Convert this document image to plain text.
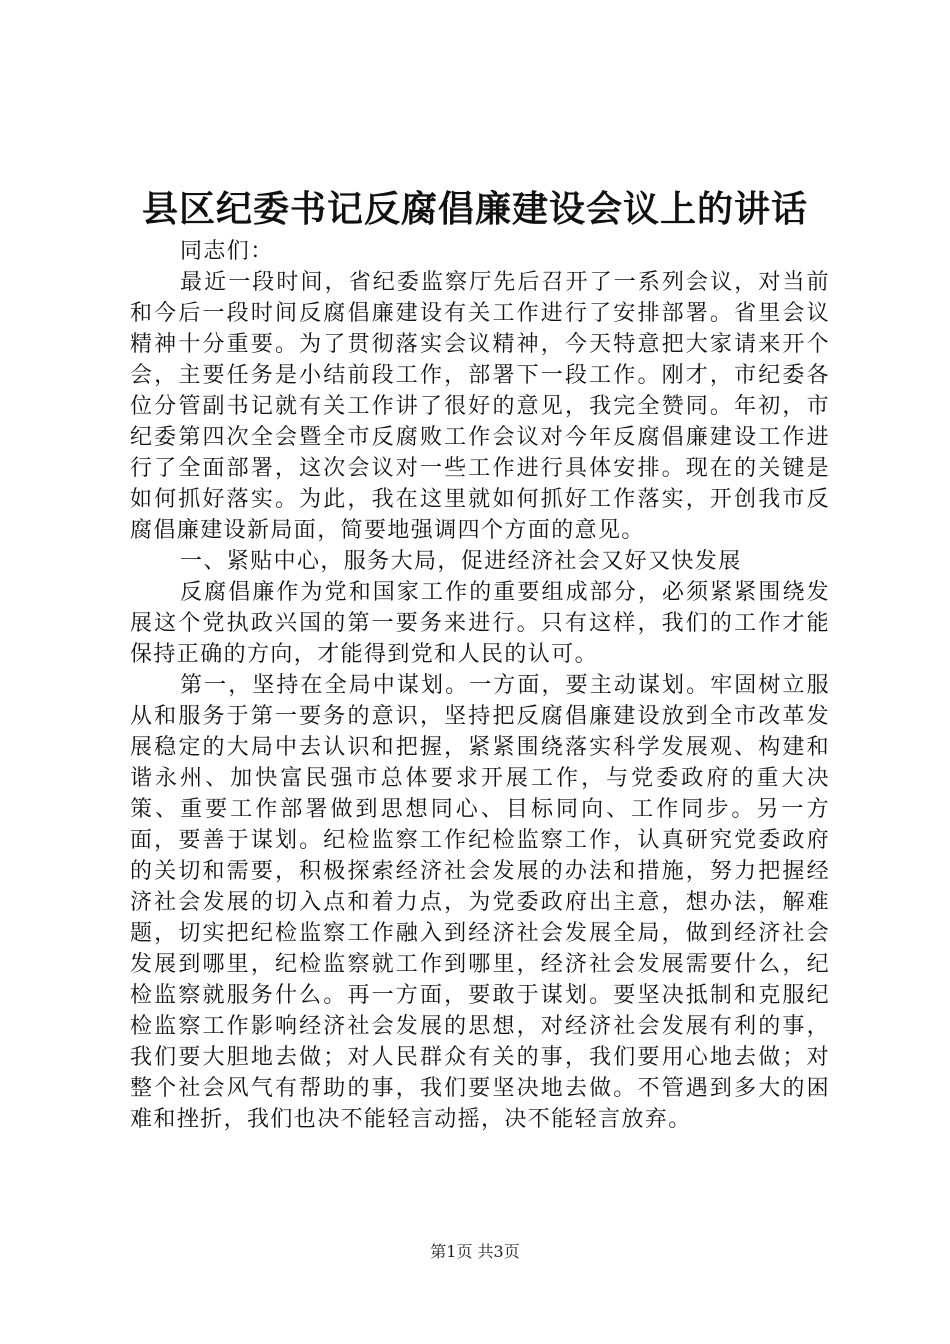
县区纪委书记反腐倡廉建设会议上的讲话

同志们：

最近一段时间，省纪委监察厅先后召开了一系列会议，对当前和今后一段时间反腐倡廉建设有关工作进行了安排部署。省里会议精神十分重要。为了贯彻落实会议精神，今天特意把大家请来开个会，主要任务是小结前段工作，部署下一段工作。刚才，市纪委各位分管副书记就有关工作讲了很好的意见，我完全赞同。年初，市纪委第四次全会暨全市反腐败工作会议对今年反腐倡廉建设工作进行了全面部署，这次会议对一些工作进行具体安排。现在的关键是如何抓好落实。为此，我在这里就如何抓好工作落实，开创我市反腐倡廉建设新局面，简要地强调四个方面的意见。

一、紧贴中心，服务大局，促进经济社会又好又快发展

反腐倡廉作为党和国家工作的重要组成部分，必须紧紧围绕发展这个党执政兴国的第一要务来进行。只有这样，我们的工作才能保持正确的方向，才能得到党和人民的认可。

第一，坚持在全局中谋划。一方面，要主动谋划。牢固树立服从和服务于第一要务的意识，坚持把反腐倡廉建设放到全市改革发展稳定的大局中去认识和把握，紧紧围绕落实科学发展观、构建和谐永州、加快富民强市总体要求开展工作，与党委政府的重大决策、重要工作部署做到思想同心、目标同向、工作同步。另一方面，要善于谋划。纪检监察工作纪检监察工作，认真研究党委政府的关切和需要，积极探索经济社会发展的办法和措施，努力把握经济社会发展的切入点和着力点，为党委政府出主意，想办法，解难题，切实把纪检监察工作融入到经济社会发展全局，做到经济社会发展到哪里，纪检监察就工作到哪里，经济社会发展需要什么，纪检监察就服务什么。再一方面，要敢于谋划。要坚决抵制和克服纪检监察工作影响经济社会发展的思想，对经济社会发展有利的事，我们要大胆地去做；对人民群众有关的事，我们要用心地去做；对整个社会风气有帮助的事，我们要坚决地去做。不管遇到多大的困难和挫折，我们也决不能轻言动摇，决不能轻言放弃。

第1页 共3页
